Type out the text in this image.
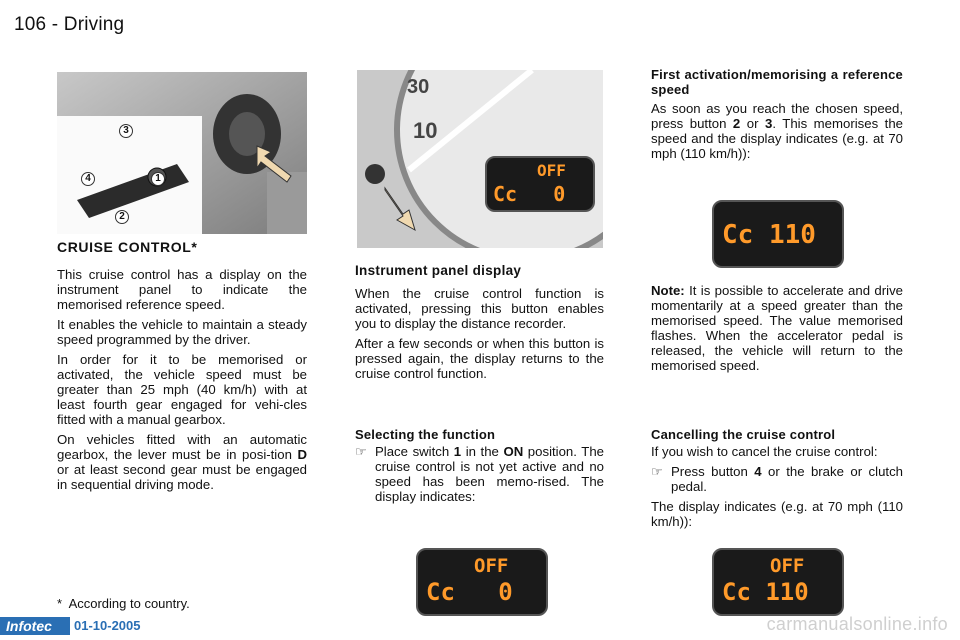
106 - Driving
3
4	1
2
30
10
OFF
Cc   0
CRUISE CONTROL*

This cruise control has a display on the instrument panel to indicate the memorised reference speed.

It enables the vehicle to maintain a steady speed programmed by the driver.

In order for it to be memorised or activated, the vehicle speed must be greater than 25 mph (40 km/h) with at least fourth gear engaged for vehi-cles fitted with a manual gearbox.

On vehicles fitted with an automatic gearbox, the lever must be in posi-tion D or at least second gear must be engaged in sequential driving mode.

*  According to country.
Instrument panel display

When the cruise control function is activated, pressing this button enables you to display the distance recorder.

After a few seconds or when this button is pressed again, the display returns to the cruise control function.

Selecting the function
☞ Place switch 1 in the ON position. The cruise control is not yet active and no speed has been memo-rised. The display indicates:
OFF
Cc   0
First activation/memorising a reference speed

As soon as you reach the chosen speed, press button 2 or 3. This memorises the speed and the display indicates (e.g. at 70 mph (110 km/h)):

Cc 110

Note: It is possible to accelerate and drive momentarily at a speed greater than the memorised speed. The value memorised flashes. When the accelerator pedal is released, the vehicle will return to the memorised speed.

Cancelling the cruise control

If you wish to cancel the cruise control:

☞ Press button 4 or the brake or clutch pedal.

The display indicates (e.g. at 70 mph (110 km/h)):

OFF
Cc 110
Infotec	01-10-2005	carmanualsonline.info
